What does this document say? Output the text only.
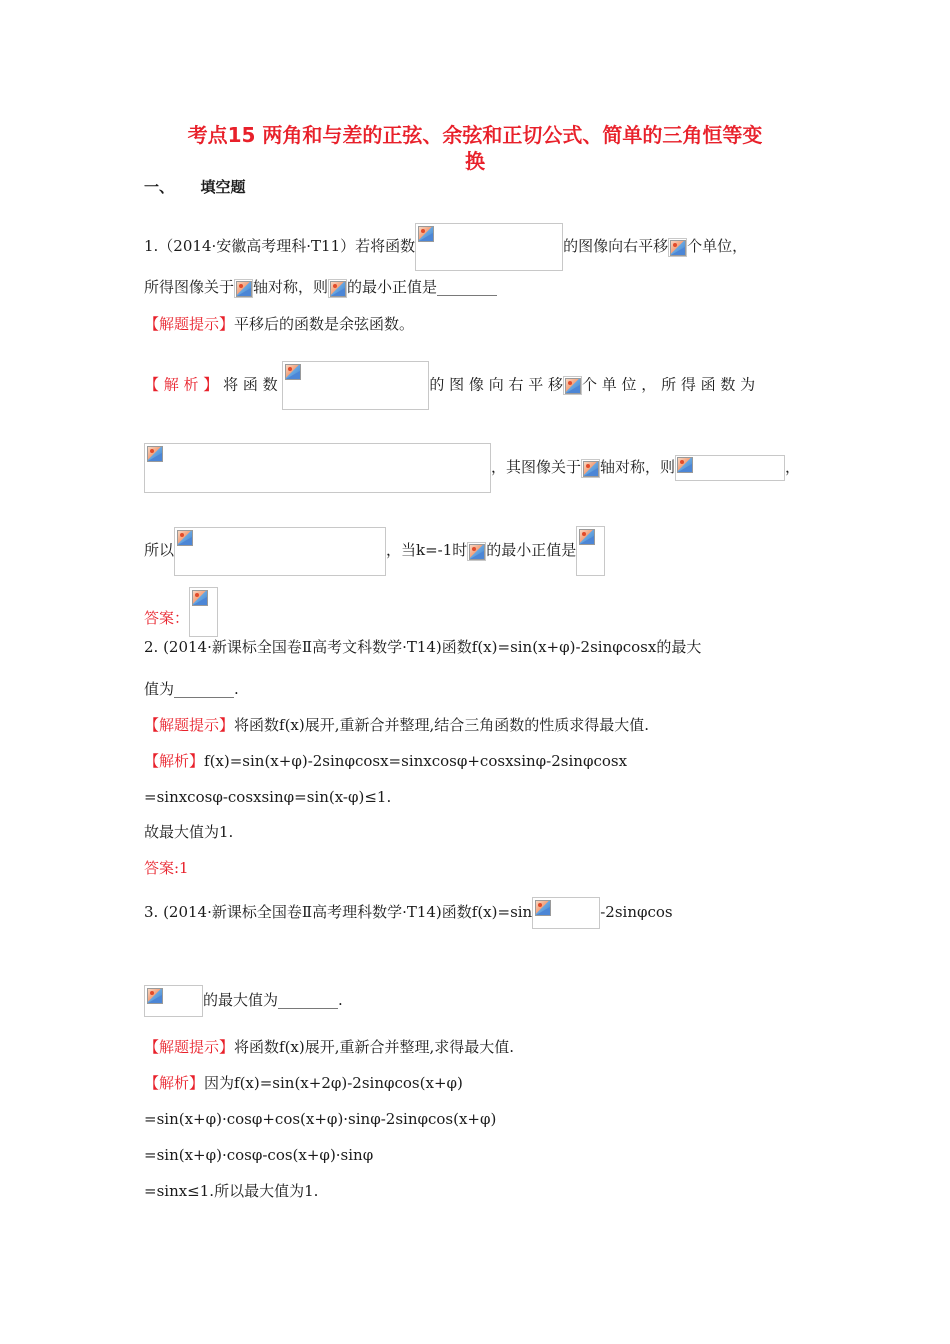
考点15 两角和与差的正弦、余弦和正切公式、简单的三角恒等变
换
一、 填空题
1.（2014·安徽高考理科·T11）若将函数	的图像向右平移 个单位，
所得图像关于 轴对称，则 的最小正值是________
【解题提示】平移后的函数是余弦函数。
【 解 析 】 将 函 数	的 图 像 向 右 平 移 个 单 位 ， 所 得 函 数 为
，其图像关于 轴对称，则	，
所以	，当k=-1时 的最小正值是
答案：
2. (2014·新课标全国卷Ⅱ高考文科数学·T14)函数f(x)=sin(x+φ)-2sinφcosx的最大
值为________.
【解题提示】将函数f(x)展开,重新合并整理,结合三角函数的性质求得最大值.
【解析】f(x)=sin(x+φ)-2sinφcosx=sinxcosφ+cosxsinφ-2sinφcosx
=sinxcosφ-cosxsinφ=sin(x-φ)≤1.
故最大值为1.
答案:1
3. (2014·新课标全国卷Ⅱ高考理科数学·T14)函数f(x)=sin	-2sinφcos
的最大值为________.
【解题提示】将函数f(x)展开,重新合并整理,求得最大值.
【解析】因为f(x)=sin(x+2φ)-2sinφcos(x+φ)
=sin(x+φ)·cosφ+cos(x+φ)·sinφ-2sinφcos(x+φ)
=sin(x+φ)·cosφ-cos(x+φ)·sinφ
=sinx≤1.所以最大值为1.
